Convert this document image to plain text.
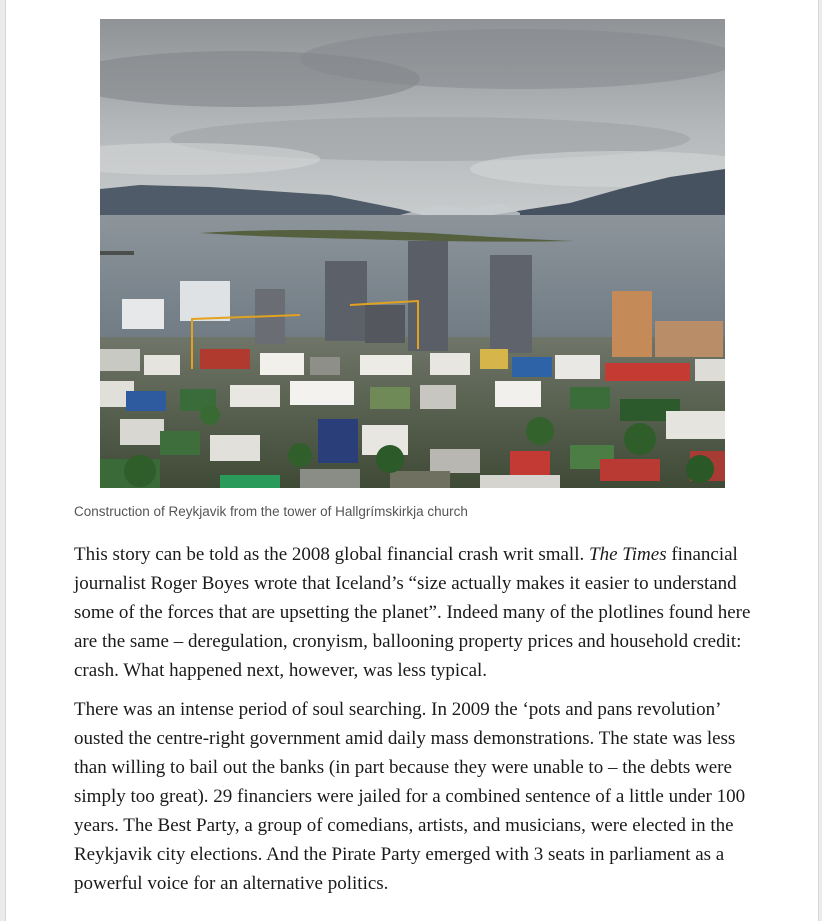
Construction of Reykjavik from the tower of Hallgrímskirkja church

This story can be told as the 2008 global financial crash writ small. The Times financial journalist Roger Boyes wrote that Iceland’s “size actually makes it easier to understand some of the forces that are upsetting the planet”. Indeed many of the plotlines found here are the same – deregulation, cronyism, ballooning property prices and household credit: crash. What happened next, however, was less typical.

There was an intense period of soul searching. In 2009 the ‘pots and pans revolution’ ousted the centre-right government amid daily mass demonstrations. The state was less than willing to bail out the banks (in part because they were unable to – the debts were simply too great). 29 financiers were jailed for a combined sentence of a little under 100 years. The Best Party, a group of comedians, artists, and musicians, were elected in the Reykjavik city elections. And the Pirate Party emerged with 3 seats in parliament as a powerful voice for an alternative politics.
